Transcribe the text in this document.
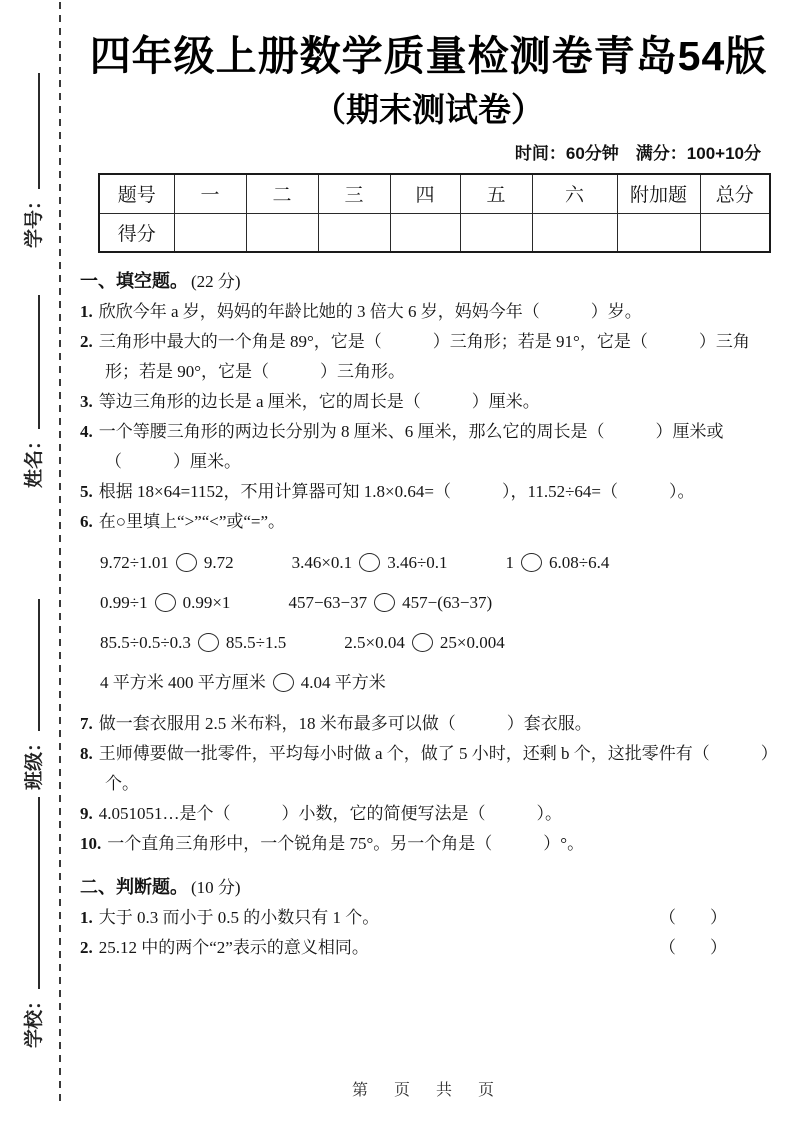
学号：
姓名：
班级：
学校：
四年级上册数学质量检测卷青岛54版
（期末测试卷）
时间：60分钟　满分：100+10分
题号	一	二	三	四	五	六	附加题	总分
得分								
一、填空题。 (22 分)
1. 欣欣今年 a 岁，妈妈的年龄比她的 3 倍大 6 岁，妈妈今年（　　　）岁。
2. 三角形中最大的一个角是 89°，它是（　　　）三角形；若是 91°，它是（　　　）三角形；若是 90°，它是（　　　）三角形。
3. 等边三角形的边长是 a 厘米，它的周长是（　　　）厘米。
4. 一个等腰三角形的两边长分别为 8 厘米、6 厘米，那么它的周长是（　　　）厘米或（　　　）厘米。
5. 根据 18×64=1152，不用计算器可知 1.8×0.64=（　　　），11.52÷64=（　　　）。
6. 在○里填上“>”“<”或“=”。
9.72÷1.01 9.72	3.46×0.1 3.46÷0.1	1 6.08÷6.4
0.99÷1 0.99×1	457−63−37 457−(63−37)
85.5÷0.5÷0.3 85.5÷1.5	2.5×0.04 25×0.004
4 平方米 400 平方厘米 4.04 平方米
7. 做一套衣服用 2.5 米布料，18 米布最多可以做（　　　）套衣服。
8. 王师傅要做一批零件，平均每小时做 a 个，做了 5 小时，还剩 b 个，这批零件有（　　　）个。
9. 4.051051…是个（　　　）小数，它的简便写法是（　　　）。
10. 一个直角三角形中，一个锐角是 75°。另一个角是（　　　）°。
二、判断题。 (10 分)
1. 大于 0.3 而小于 0.5 的小数只有 1 个。	（　　）
2. 25.12 中的两个“2”表示的意义相同。	（　　）
第 页 共 页
